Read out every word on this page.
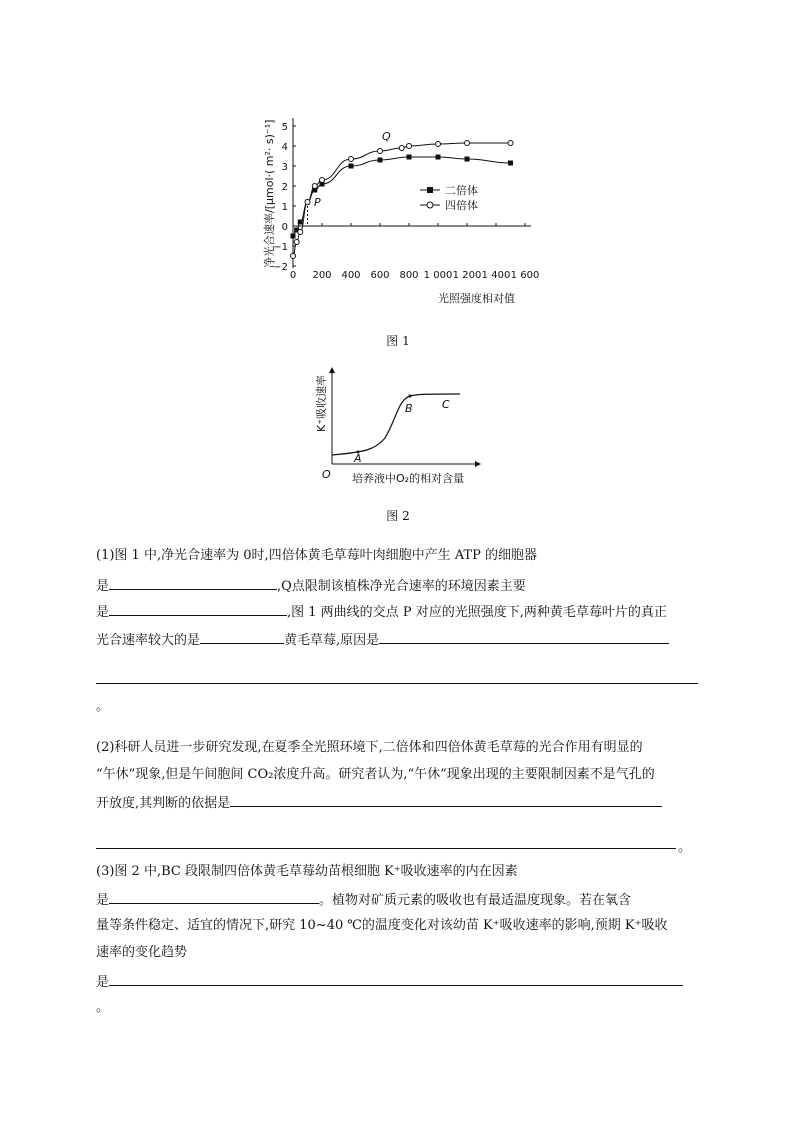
净光合速率/[μmol·( m²· s)⁻¹]
−2
−1
0
1
2
3
4
5
0 200 400 600 800 1 000 1 200 1 400 1 600
光照强度相对值
二倍体
四倍体
Q
P
图 1
K⁺吸收速率
A
B	C
O 培养液中O₂的相对含量
图 2
(1)图 1 中,净光合速率为 0时,四倍体黄毛草莓叶肉细胞中产生 ATP 的细胞器
是	,Q点限制该植株净光合速率的环境因素主要
是	,图 1 两曲线的交点 P 对应的光照强度下,两种黄毛草莓叶片的真正
光合速率较大的是	黄毛草莓,原因是
。
(2)科研人员进一步研究发现,在夏季全光照环境下,二倍体和四倍体黄毛草莓的光合作用有明显的
“午休”现象,但是午间胞间 CO₂浓度升高。研究者认为,“午休”现象出现的主要限制因素不是气孔的
开放度,其判断的依据是
。
(3)图 2 中,BC 段限制四倍体黄毛草莓幼苗根细胞 K⁺吸收速率的内在因素
是	。植物对矿质元素的吸收也有最适温度现象。若在氧含
量等条件稳定、适宜的情况下,研究 10~40 ℃的温度变化对该幼苗 K⁺吸收速率的影响,预期 K⁺吸收
速率的变化趋势
是
。
